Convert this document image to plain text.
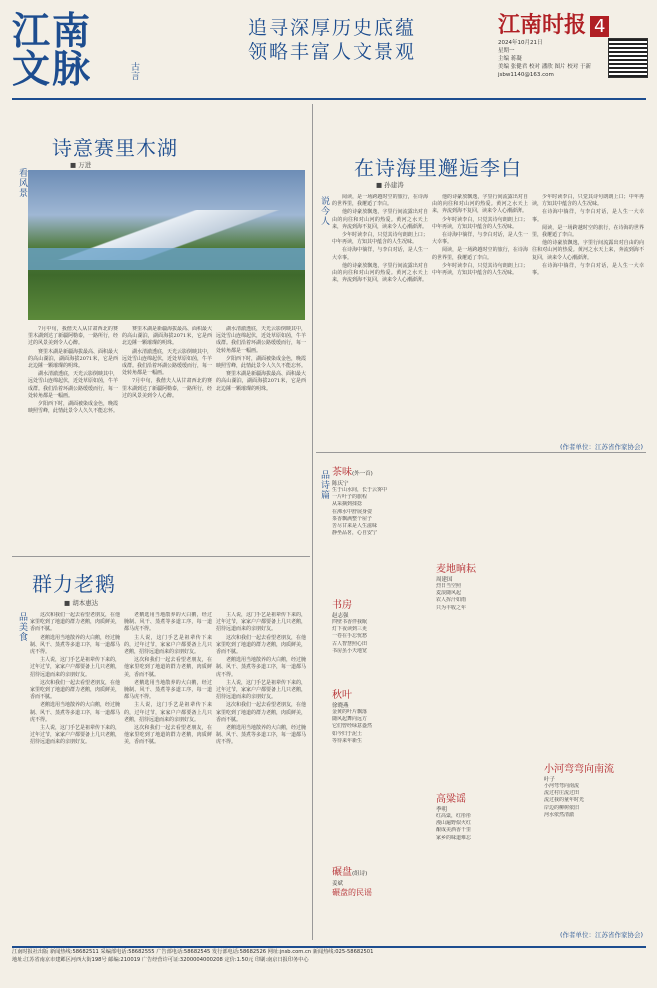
江南
文脉	古言
追寻深厚历史底蕴
领略丰富人文景观
江南时报 4
2024年10月21日
星期一
主编 蒋凝
美编 张健君 校对 潘欣 图片 校对 于新
jsbw1140@163.com
诗意赛里木湖
■ 万进
看风景

7月中旬，我偕夫人从甘肃西北的赛里木湖到达了新疆阿勒泰，一路所行，经过的风景美到令人心醉。

赛里木湖是新疆海拔最高、面积最大的高山湖泊，湖面海拔2071米，它是西北边陲一颗璀璨的明珠。

湖水清澈透底，天光云影倒映其中，远处雪山连绵起伏，近处草原如茵，牛羊成群。我们沿着环湖公路缓缓而行，每一处转角都是一幅画。

夕阳西下时，湖面被染成金色，晚霞映照雪峰，此情此景令人久久不能忘怀。

赛里木湖是新疆海拔最高、面积最大的高山湖泊，湖面海拔2071米，它是西北边陲一颗璀璨的明珠。

湖水清澈透底，天光云影倒映其中，远处雪山连绵起伏，近处草原如茵，牛羊成群。我们沿着环湖公路缓缓而行，每一处转角都是一幅画。

7月中旬，我偕夫人从甘肃西北的赛里木湖到达了新疆阿勒泰，一路所行，经过的风景美到令人心醉。

湖水清澈透底，天光云影倒映其中，远处雪山连绵起伏，近处草原如茵，牛羊成群。我们沿着环湖公路缓缓而行，每一处转角都是一幅画。

夕阳西下时，湖面被染成金色，晚霞映照雪峰，此情此景令人久久不能忘怀。

赛里木湖是新疆海拔最高、面积最大的高山湖泊，湖面海拔2071米，它是西北边陲一颗璀璨的明珠。

群力老鹅
■ 胡本惠达
品美食	这次和我们一起去看望老朋友，在他家里吃到了地道的群力老鹅，肉质鲜美，香而不腻。

老鹅选用当地散养的大白鹅，经过腌制、风干、蒸煮等多道工序，每一道都马虎不得。

主人说，这门手艺是祖辈传下来的，过年过节，家家户户都要备上几只老鹅，招待远道而来的亲朋好友。

这次和我们一起去看望老朋友，在他家里吃到了地道的群力老鹅，肉质鲜美，香而不腻。

老鹅选用当地散养的大白鹅，经过腌制、风干、蒸煮等多道工序，每一道都马虎不得。

主人说，这门手艺是祖辈传下来的，过年过节，家家户户都要备上几只老鹅，招待远道而来的亲朋好友。

老鹅选用当地散养的大白鹅，经过腌制、风干、蒸煮等多道工序，每一道都马虎不得。

主人说，这门手艺是祖辈传下来的，过年过节，家家户户都要备上几只老鹅，招待远道而来的亲朋好友。

这次和我们一起去看望老朋友，在他家里吃到了地道的群力老鹅，肉质鲜美，香而不腻。

老鹅选用当地散养的大白鹅，经过腌制、风干、蒸煮等多道工序，每一道都马虎不得。

主人说，这门手艺是祖辈传下来的，过年过节，家家户户都要备上几只老鹅，招待远道而来的亲朋好友。

这次和我们一起去看望老朋友，在他家里吃到了地道的群力老鹅，肉质鲜美，香而不腻。

主人说，这门手艺是祖辈传下来的，过年过节，家家户户都要备上几只老鹅，招待远道而来的亲朋好友。

这次和我们一起去看望老朋友，在他家里吃到了地道的群力老鹅，肉质鲜美，香而不腻。

老鹅选用当地散养的大白鹅，经过腌制、风干、蒸煮等多道工序，每一道都马虎不得。

主人说，这门手艺是祖辈传下来的，过年过节，家家户户都要备上几只老鹅，招待远道而来的亲朋好友。

这次和我们一起去看望老朋友，在他家里吃到了地道的群力老鹅，肉质鲜美，香而不腻。

老鹅选用当地散养的大白鹅，经过腌制、风干、蒸煮等多道工序，每一道都马虎不得。

在诗海里邂逅李白
■ 孙建涛
说今人	阅读，是一场跨越时空的旅行，在诗海的世界里，我邂逅了李白。

他的诗豪放飘逸，字里行间流露出对自由的向往和对山河的热爱。黄河之水天上来，奔流到海不复回，读来令人心潮澎湃。

少年时读李白，只觉其诗句朗朗上口；中年再读，方知其中蕴含的人生况味。

在诗海中徜徉，与李白对话，是人生一大幸事。

他的诗豪放飘逸，字里行间流露出对自由的向往和对山河的热爱。黄河之水天上来，奔流到海不复回，读来令人心潮澎湃。

他的诗豪放飘逸，字里行间流露出对自由的向往和对山河的热爱。黄河之水天上来，奔流到海不复回，读来令人心潮澎湃。

少年时读李白，只觉其诗句朗朗上口；中年再读，方知其中蕴含的人生况味。

在诗海中徜徉，与李白对话，是人生一大幸事。

阅读，是一场跨越时空的旅行，在诗海的世界里，我邂逅了李白。

少年时读李白，只觉其诗句朗朗上口；中年再读，方知其中蕴含的人生况味。

少年时读李白，只觉其诗句朗朗上口；中年再读，方知其中蕴含的人生况味。

在诗海中徜徉，与李白对话，是人生一大幸事。

阅读，是一场跨越时空的旅行，在诗海的世界里，我邂逅了李白。

他的诗豪放飘逸，字里行间流露出对自由的向往和对山河的热爱。黄河之水天上来，奔流到海不复回，读来令人心潮澎湃。

在诗海中徜徉，与李白对话，是人生一大幸事。

(作者单位：江苏省作家协会)
品诗篇 茶味(外一首)
陈庆宁
生于山水间，长于云雾中
一片叶子的旅程
从采摘到揉捻
在沸水中舒展身姿
茶香飘满整个屋子
苦尽甘来是人生滋味
静坐品茗，心自安宁
书房
赵志强
四壁书香伴我眠
灯下夜读到三更
一卷在手忘忧愁
古人智慧照心田
书房虽小天地宽
秋叶
徐晓燕
金黄的叶片飘落
随风起舞向远方
它们曾经绿意盎然
如今归于泥土
等待来年新生
碾盘(组诗)
姜斌
碾盘的民谣
麦地晌耘
周建国
烈日当空照
麦浪随风起
农人挥汗如雨
只为丰收之年
高粱谣
季明
红高粱，红彤彤
漫山遍野似火红
酿成美酒香千里
家乡的味道难忘
小河弯弯向南流
叶子
小河弯弯向南流
流过村庄流过田
流过我的童年时光
岸边的柳树依旧
河水依然清澈
(作者单位：江苏省作家协会)
江南时报社出版 新闻热线:58682511 采编部电话:58682555 广告部电话:58682545 发行部电话:58682526 网址:jnsb.com.cn 新闻热线:025-58682501
地址:江苏省南京市建邺区河西大街198号 邮编:210019 广告经营许可证:3200004000208 定价:1.50元 印刷:南京日报印务中心
